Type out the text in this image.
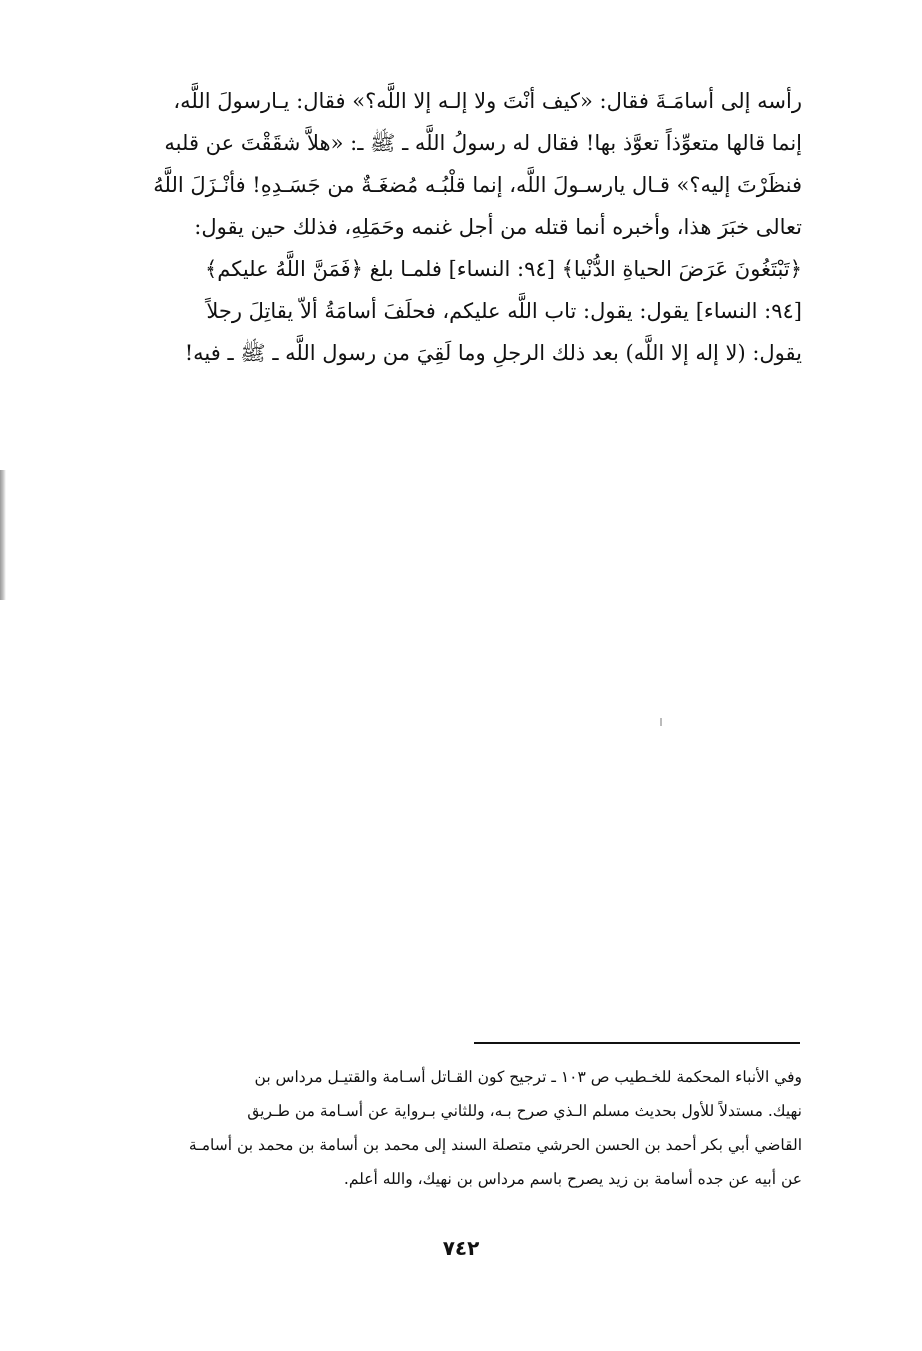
رأسه إلى أسامَـةَ فقال: «كيف أنْتَ ولا إلـه إلا اللَّه؟» فقال: يـارسولَ اللَّه،
إنما قالها متعوِّذاً تعوَّذ بها! فقال له رسولُ اللَّه ـ ﷺ ـ: «هلاَّ شقَقْتَ عن قلبه
فنظَرْتَ إليه؟» قـال يارسـولَ اللَّه، إنما قلْبُـه مُضغَـةٌ من جَسَـدِهِ! فأنْـزَلَ اللَّهُ
تعالى خبَرَ هذا، وأخبره أنما قتله من أجل غنمه وحَمَلِهِ، فذلك حين يقول:
﴿تَبْتَغُونَ عَرَضَ الحياةِ الدُّنْيا﴾ [٩٤: النساء] فلمـا بلغ ﴿فَمَنَّ اللَّهُ عليكم﴾
[٩٤: النساء] يقول: يقول: تاب اللَّه عليكم، فحلَفَ أسامَةُ ألاّ يقاتِلَ رجلاً
يقول: (لا إله إلا اللَّه) بعد ذلك الرجلِ وما لَقِيَ من رسول اللَّه ـ ﷺ ـ فيه!
وفي الأنباء المحكمة للخـطيب ص ١٠٣ ـ ترجيح كون القـاتل أسـامة والقتيـل مرداس بن
نهيك. مستدلاً للأول بحديث مسلم الـذي صرح بـه، وللثاني بـرواية عن أسـامة من طـريق
القاضي أبي بكر أحمد بن الحسن الحرشي متصلة السند إلى محمد بن أسامة بن محمد بن أسامـة
عن أبيه عن جده أسامة بن زيد يصرح باسم مرداس بن نهيك، والله أعلم.
٧٤٢
